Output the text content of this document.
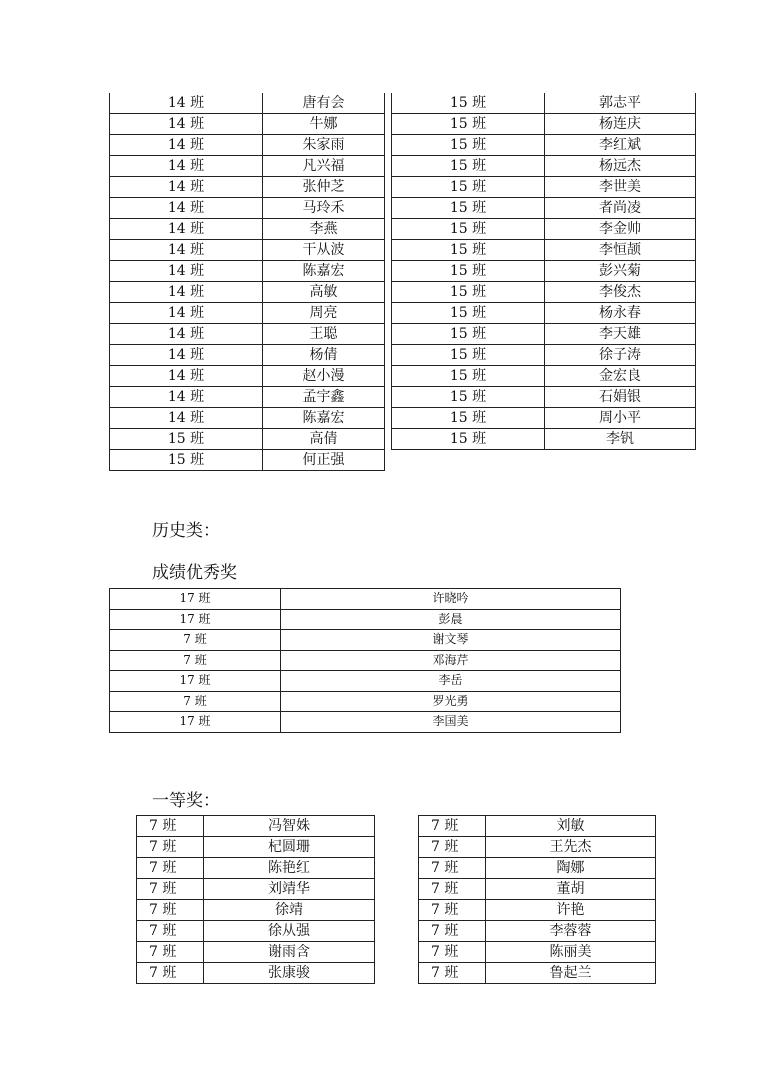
14 班	唐有会
14 班	牛娜
14 班	朱家雨
14 班	凡兴福
14 班	张仲芝
14 班	马玲禾
14 班	李燕
14 班	干从波
14 班	陈嘉宏
14 班	高敏
14 班	周亮
14 班	王聪
14 班	杨倩
14 班	赵小漫
14 班	孟宇鑫
14 班	陈嘉宏
15 班	高倩
15 班	何正强
15 班	郭志平
15 班	杨连庆
15 班	李红斌
15 班	杨远杰
15 班	李世美
15 班	者尚凌
15 班	李金帅
15 班	李恒颉
15 班	彭兴菊
15 班	李俊杰
15 班	杨永春
15 班	李天雄
15 班	徐子涛
15 班	金宏良
15 班	石娟银
15 班	周小平
15 班	李钒
历史类：
成绩优秀奖
17 班	许晓吟
17 班	彭晨
7 班	谢文琴
7 班	邓海芹
17 班	李岳
7 班	罗光勇
17 班	李国美
一等奖：
7 班	冯智姝
7 班	杞圆珊
7 班	陈艳红
7 班	刘靖华
7 班	徐靖
7 班	徐从强
7 班	谢雨含
7 班	张康骏
7 班	刘敏
7 班	王先杰
7 班	陶娜
7 班	董胡
7 班	许艳
7 班	李蓉蓉
7 班	陈丽美
7 班	鲁起兰
